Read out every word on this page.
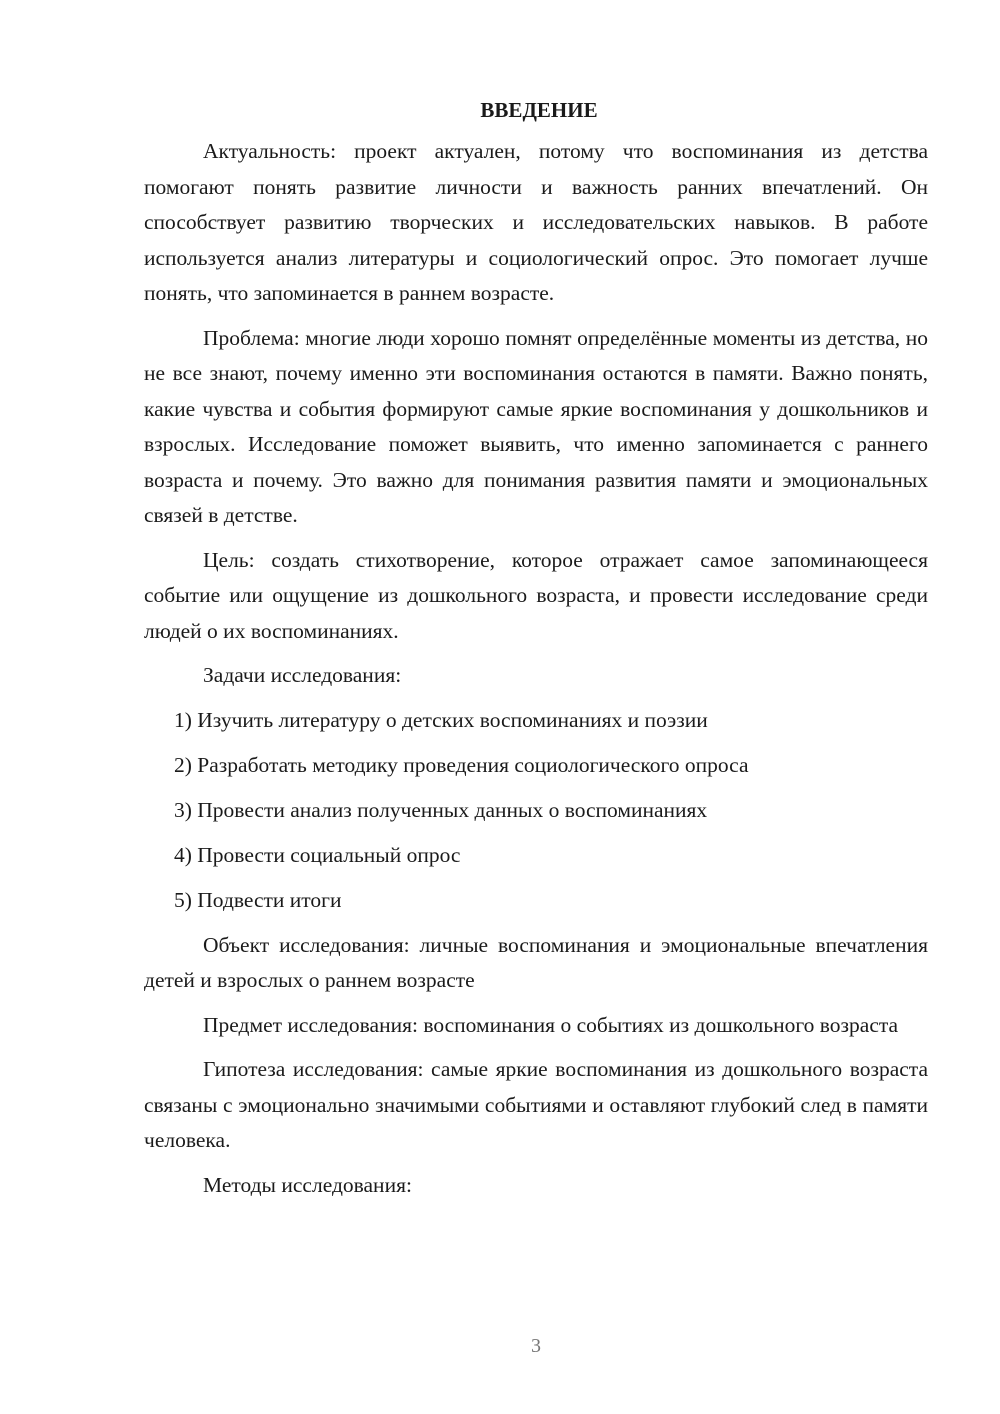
ВВЕДЕНИЕ

Актуальность: проект актуален, потому что воспоминания из детства помогают понять развитие личности и важность ранних впечатлений. Он способствует развитию творческих и исследовательских навыков. В работе используется анализ литературы и социологический опрос. Это помогает лучше понять, что запоминается в раннем возрасте.

Проблема: многие люди хорошо помнят определённые моменты из детства, но не все знают, почему именно эти воспоминания остаются в памяти. Важно понять, какие чувства и события формируют самые яркие воспоминания у дошкольников и взрослых. Исследование поможет выявить, что именно запоминается с раннего возраста и почему. Это важно для понимания развития памяти и эмоциональных связей в детстве.

Цель: создать стихотворение, которое отражает самое запоминающееся событие или ощущение из дошкольного возраста, и провести исследование среди людей о их воспоминаниях.

Задачи исследования:

1) Изучить литературу о детских воспоминаниях и поэзии
2) Разработать методику проведения социологического опроса
3) Провести анализ полученных данных о воспоминаниях
4) Провести социальный опрос
5) Подвести итоги

Объект исследования: личные воспоминания и эмоциональные впечатления детей и взрослых о раннем возрасте

Предмет исследования: воспоминания о событиях из дошкольного возраста

Гипотеза исследования: самые яркие воспоминания из дошкольного возраста связаны с эмоционально значимыми событиями и оставляют глубокий след в памяти человека.

Методы исследования:

3
